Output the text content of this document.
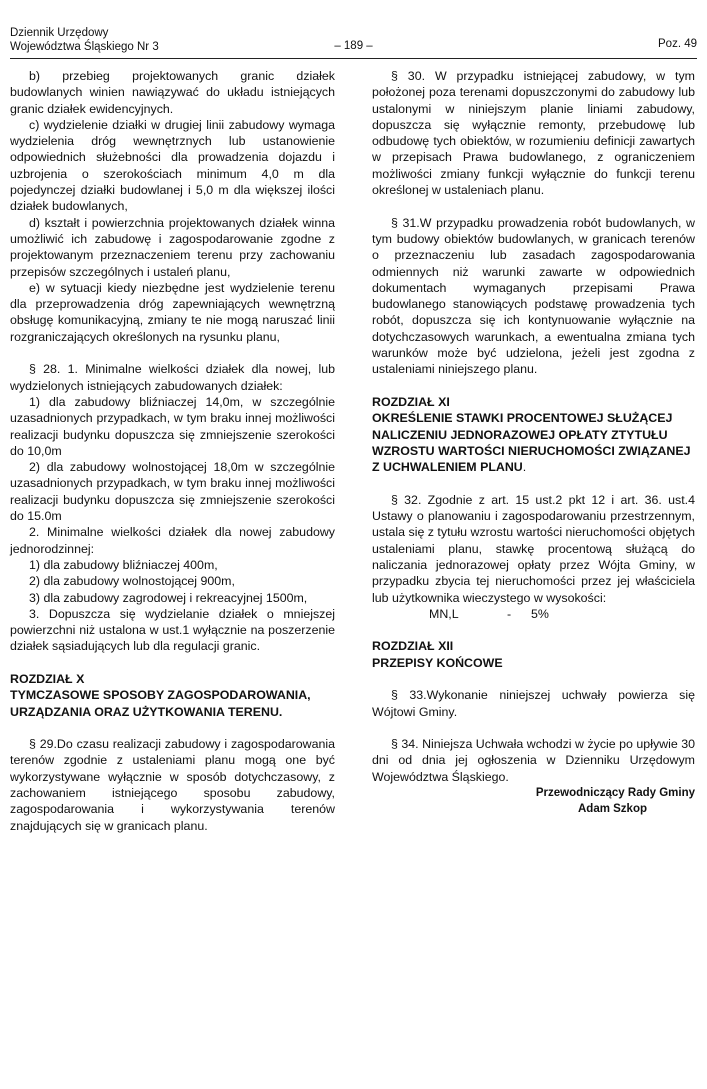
Dziennik Urzędowy
Województwa Śląskiego Nr 3	– 189 –	Poz. 49

b) przebieg projektowanych granic działek budowlanych winien nawiązywać do układu istniejących granic działek ewidencyjnych.

c) wydzielenie działki w drugiej linii zabudowy wymaga wydzielenia dróg wewnętrznych lub ustanowienie odpowiednich służebności dla prowadzenia dojazdu i uzbrojenia o szerokościach minimum 4,0 m dla pojedynczej działki budowlanej i 5,0 m dla większej ilości działek budowlanych,

d) kształt i powierzchnia projektowanych działek winna umożliwić ich zabudowę i zagospodarowanie zgodne z projektowanym przeznaczeniem terenu przy zachowaniu przepisów szczególnych i ustaleń planu,

e) w sytuacji kiedy niezbędne jest wydzielenie terenu dla przeprowadzenia dróg zapewniających wewnętrzną obsługę komunikacyjną, zmiany te nie mogą naruszać linii rozgraniczających określonych na rysunku planu,

§ 28. 1. Minimalne wielkości działek dla nowej, lub wydzielonych istniejących zabudowanych działek:

1) dla zabudowy bliźniaczej 14,0m, w szczególnie uzasadnionych przypadkach, w tym braku innej możliwości realizacji budynku dopuszcza się zmniejszenie szerokości do 10,0m

2) dla zabudowy wolnostojącej 18,0m w szczególnie uzasadnionych przypadkach, w tym braku innej możliwości realizacji budynku dopuszcza się zmniejszenie szerokości do 15.0m

2. Minimalne wielkości działek dla nowej zabudowy jednorodzinnej:

1) dla zabudowy bliźniaczej 400m,

2) dla zabudowy wolnostojącej 900m,

3) dla zabudowy zagrodowej i rekreacyjnej 1500m,

3. Dopuszcza się wydzielanie działek o mniejszej powierzchni niż ustalona w ust.1 wyłącznie na poszerzenie działek sąsiadujących lub dla regulacji granic.

ROZDZIAŁ X
TYMCZASOWE SPOSOBY ZAGOSPODAROWANIA, URZĄDZANIA ORAZ UŻYTKOWANIA TERENU.

§ 29.Do czasu realizacji zabudowy i zagospodarowania terenów zgodnie z ustaleniami planu mogą one być wykorzystywane wyłącznie w sposób dotychczasowy, z zachowaniem istniejącego sposobu zabudowy, zagospodarowania i wykorzystywania terenów znajdujących się w granicach planu.

§ 30. W przypadku istniejącej zabudowy, w tym położonej poza terenami dopuszczonymi do zabudowy lub ustalonymi w niniejszym planie liniami zabudowy, dopuszcza się wyłącznie remonty, przebudowę lub odbudowę tych obiektów, w rozumieniu definicji zawartych w przepisach Prawa budowlanego, z ograniczeniem możliwości zmiany funkcji wyłącznie do funkcji terenu określonej w ustaleniach planu.

§ 31.W przypadku prowadzenia robót budowlanych, w tym budowy obiektów budowlanych, w granicach terenów o przeznaczeniu lub zasadach zagospodarowania odmiennych niż warunki zawarte w odpowiednich dokumentach wymaganych przepisami Prawa budowlanego stanowiących podstawę prowadzenia tych robót, dopuszcza się ich kontynuowanie wyłącznie na dotychczasowych warunkach, a ewentualna zmiana tych warunków może być udzielona, jeżeli jest zgodna z ustaleniami niniejszego planu.

ROZDZIAŁ XI
OKREŚLENIE STAWKI PROCENTOWEJ SŁUŻĄCEJ NALICZENIU JEDNORAZOWEJ OPŁATY ZTYTUŁU WZROSTU WARTOŚCI NIERUCHOMOŚCI ZWIĄZANEJ Z UCHWALENIEM PLANU.

§ 32. Zgodnie z art. 15 ust.2 pkt 12 i art. 36. ust.4 Ustawy o planowaniu i zagospodarowaniu przestrzennym, ustala się z tytułu wzrostu wartości nieruchomości objętych ustaleniami planu, stawkę procentową służącą do naliczania jednorazowej opłaty przez Wójta Gminy, w przypadku zbycia tej nieruchomości przez jej właściciela lub użytkownika wieczystego w wysokości:

MN,L	- 5%

ROZDZIAŁ XII
PRZEPISY KOŃCOWE

§ 33.Wykonanie niniejszej uchwały powierza się Wójtowi Gminy.

§ 34. Niniejsza Uchwała wchodzi w życie po upływie 30 dni od dnia jej ogłoszenia w Dzienniku Urzędowym Województwa Śląskiego.

Przewodniczący Rady Gminy

Adam Szkop
